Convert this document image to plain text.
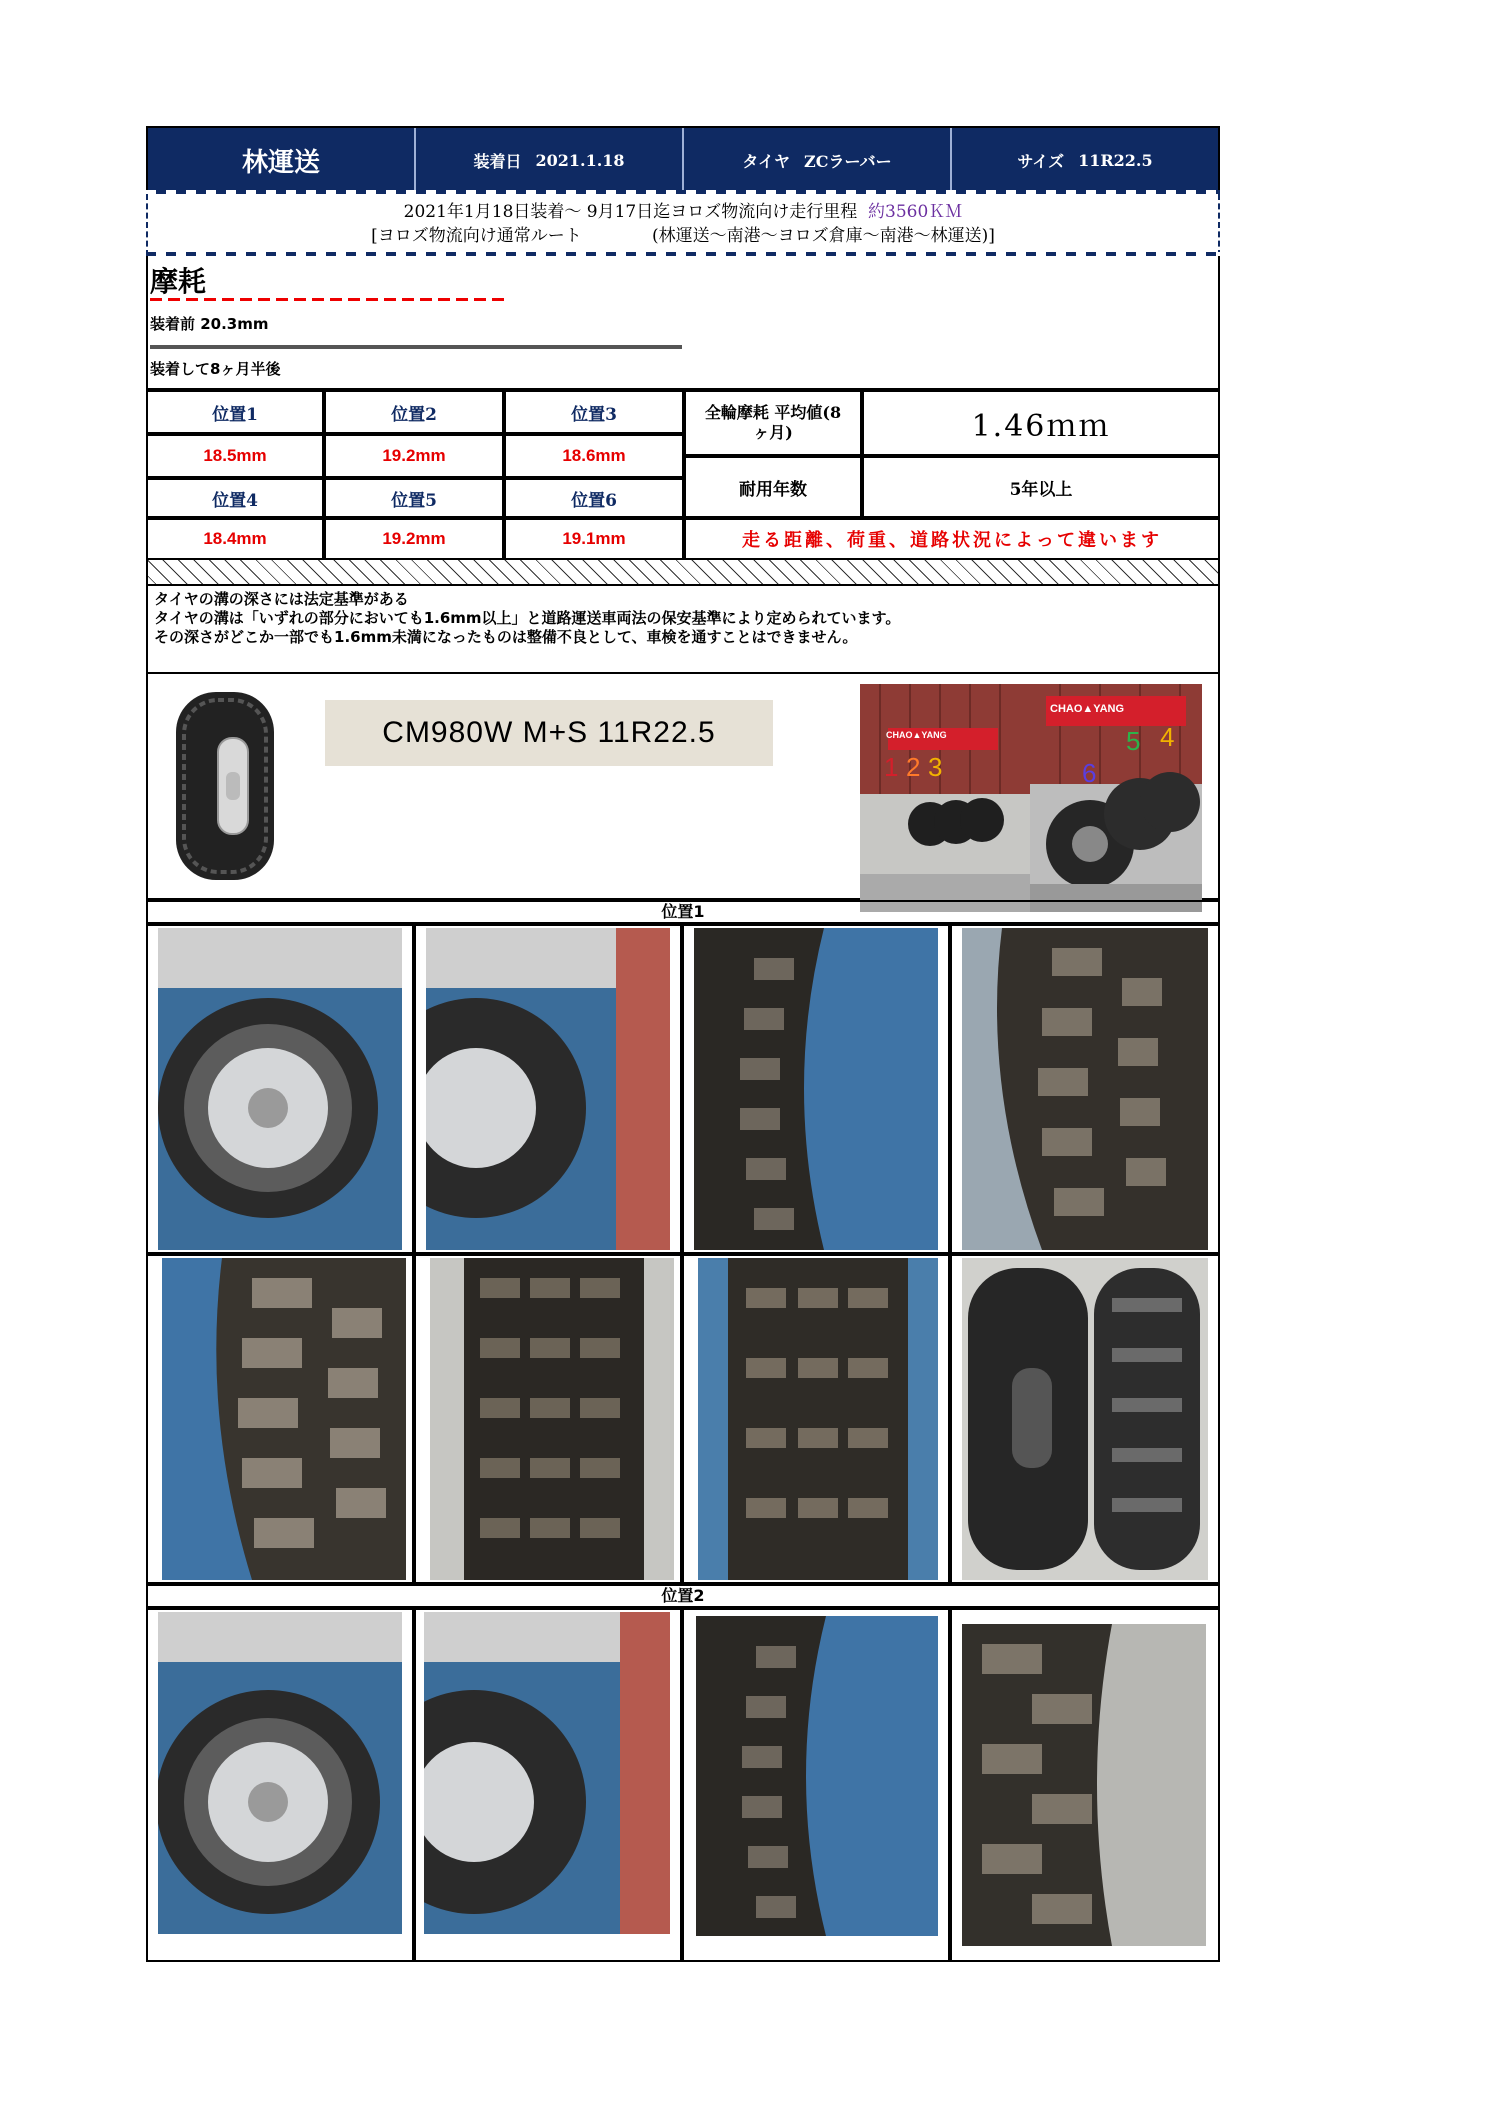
林運送	装着日 2021.1.18	タイヤ ZCラーバー	サイズ 11R22.5
2021年1月18日装着～ 9月17日迄ヨロズ物流向け走行里程 約3560ＫＭ
[ヨロズ物流向け通常ルート	(林運送～南港～ヨロズ倉庫～南港～林運送)]
摩耗
装着前 20.3mm
装着して8ヶ月半後
位置1	位置2	位置3
18.5mm	19.2mm	18.6mm
位置4	位置5	位置6
18.4mm	19.2mm	19.1mm
全輪摩耗 平均値(8ヶ月)	1.46ｍｍ
耐用年数	5年以上
走る距離、荷重、道路状況によって違います
タイヤの溝の深さには法定基準がある
タイヤの溝は「いずれの部分においても1.6mm以上」と道路運送車両法の保安基準により定められています。
その深さがどこか一部でも1.6mm未満になったものは整備不良として、車検を通すことはできません。
CM980W M+S 11R22.5	CHAO▲YANG
1 2 3
CHAO▲YANG
6
5 4
位置1
位置2
